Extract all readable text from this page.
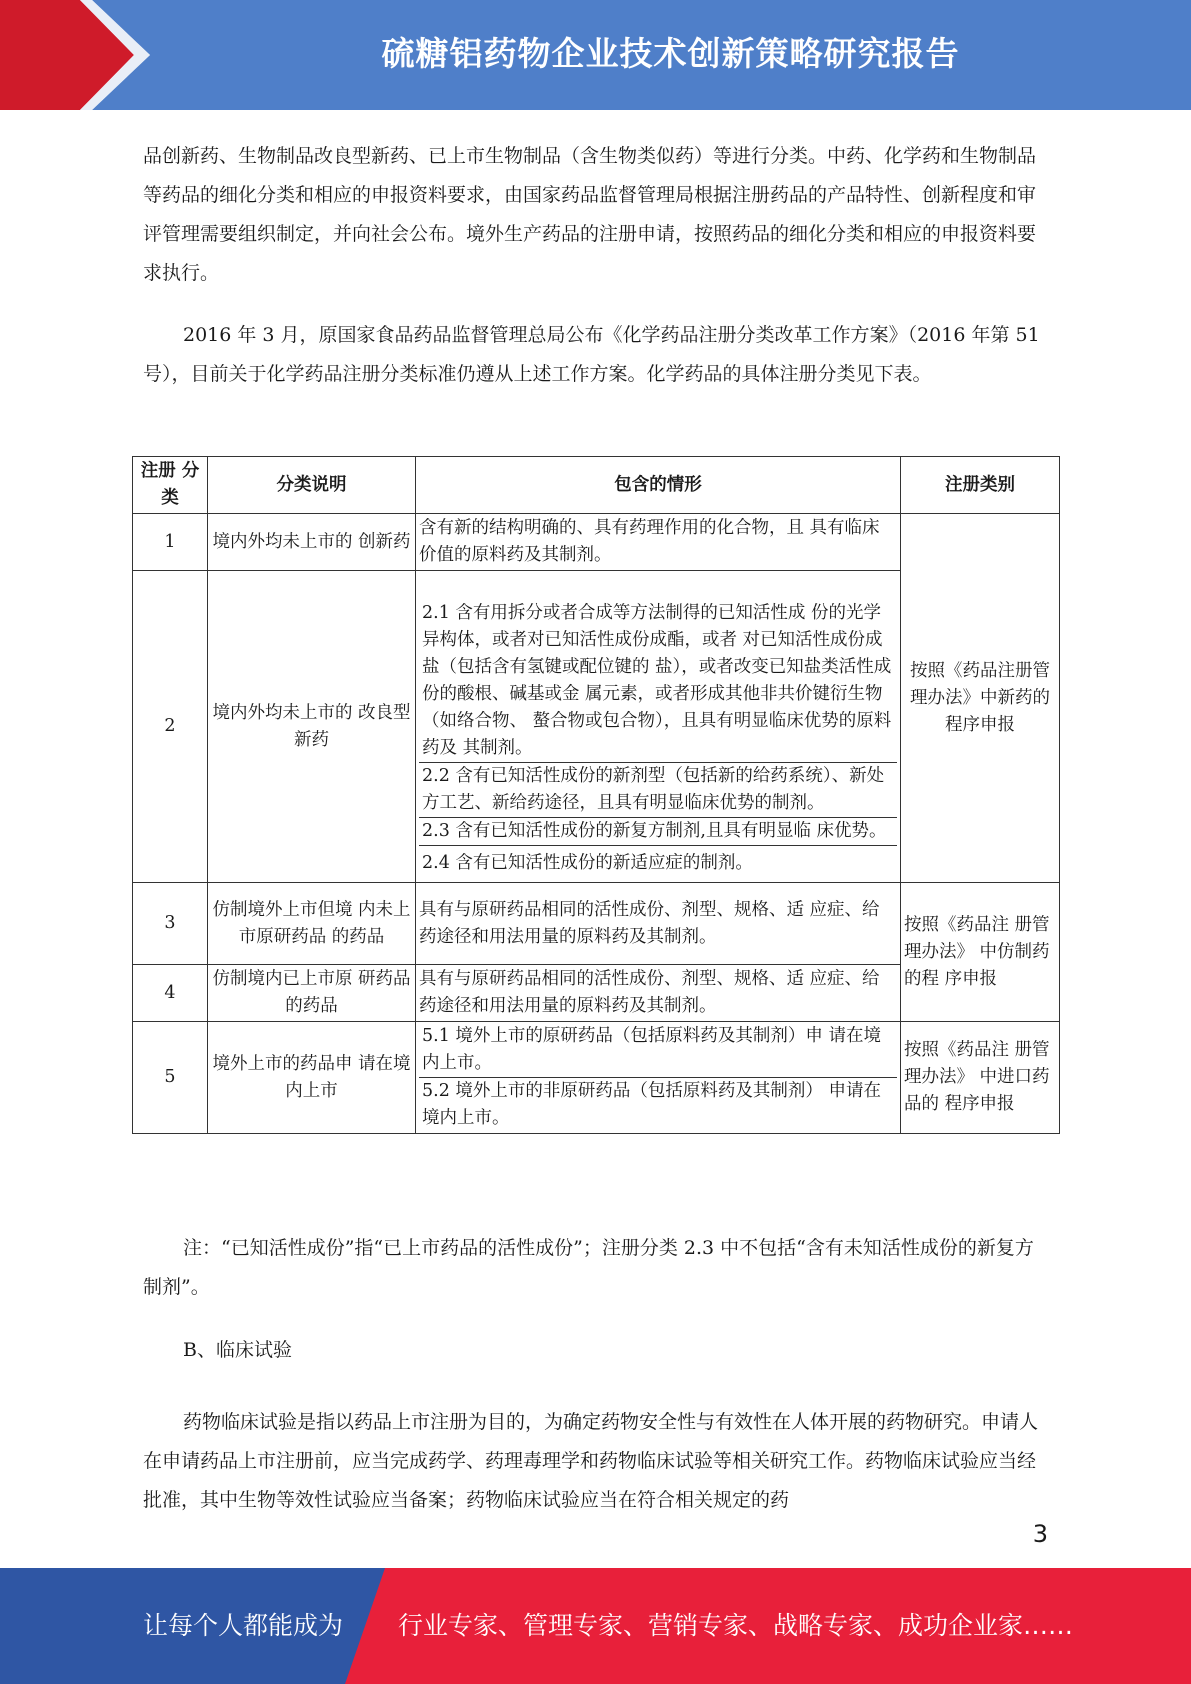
硫糖铝药物企业技术创新策略研究报告

品创新药、生物制品改良型新药、已上市生物制品（含生物类似药）等进行分类。中药、化学药和生物制品等药品的细化分类和相应的申报资料要求，由国家药品监督管理局根据注册药品的产品特性、创新程度和审评管理需要组织制定，并向社会公布。境外生产药品的注册申请，按照药品的细化分类和相应的申报资料要求执行。

2016 年 3 月，原国家食品药品监督管理总局公布《化学药品注册分类改革工作方案》（2016 年第 51 号），目前关于化学药品注册分类标准仍遵从上述工作方案。化学药品的具体注册分类见下表。

注册 分类	分类说明	包含的情形	注册类别
1	境内外均未上市的 创新药	含有新的结构明确的、具有药理作用的化合物，且 具有临床价值的原料药及其制剂。	按照《药品注册管理办法》中新药的程序申报
2	境内外均未上市的 改良型新药	2.1 含有用拆分或者合成等方法制得的已知活性成 份的光学异构体，或者对已知活性成份成酯，或者 对已知活性成份成盐（包括含有氢键或配位键的 盐），或者改变已知盐类活性成份的酸根、碱基或金 属元素，或者形成其他非共价键衍生物（如络合物、 螯合物或包合物），且具有明显临床优势的原料药及 其制剂。
2.2 含有已知活性成份的新剂型（包括新的给药系统）、新处方工艺、新给药途径，且具有明显临床优势的制剂。
2.3 含有已知活性成份的新复方制剂,且具有明显临 床优势。
2.4 含有已知活性成份的新适应症的制剂。	

3	仿制境外上市但境 内未上市原研药品 的药品	具有与原研药品相同的活性成份、剂型、规格、适 应症、给药途径和用法用量的原料药及其制剂。	按照《药品注 册管理办法》 中仿制药的程 序申报
4	仿制境内已上市原 研药品的药品	具有与原研药品相同的活性成份、剂型、规格、适 应症、给药途径和用法用量的原料药及其制剂。	
5	境外上市的药品申 请在境内上市	5.1 境外上市的原研药品（包括原料药及其制剂）申 请在境内上市。
5.2 境外上市的非原研药品（包括原料药及其制剂） 申请在境内上市。	按照《药品注 册管理办法》 中进口药品的 程序申报

注：“已知活性成份”指“已上市药品的活性成份”；注册分类 2.3 中不包括“含有未知活性成份的新复方制剂”。

B、临床试验

药物临床试验是指以药品上市注册为目的，为确定药物安全性与有效性在人体开展的药物研究。申请人在申请药品上市注册前，应当完成药学、药理毒理学和药物临床试验等相关研究工作。药物临床试验应当经批准，其中生物等效性试验应当备案；药物临床试验应当在符合相关规定的药

3
让每个人都能成为 行业专家、管理专家、营销专家、战略专家、成功企业家……
